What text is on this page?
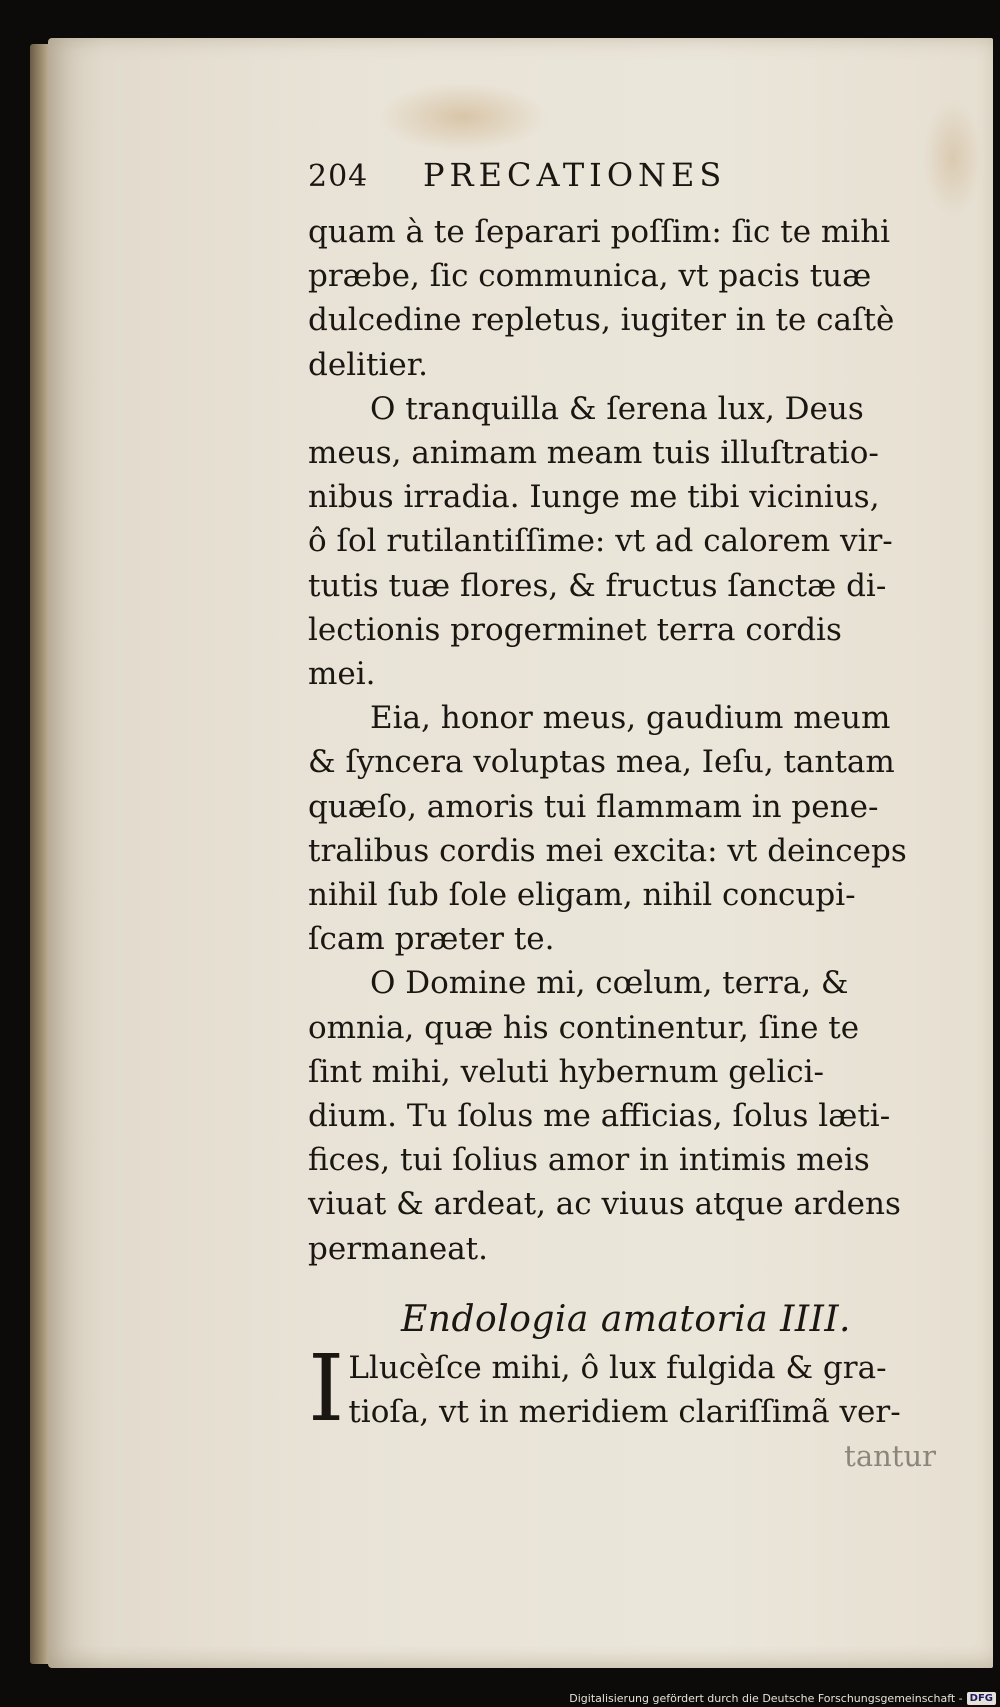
204	PRECATIONES

quam à te ſeparari poſſim: ſic te mihi
præbe, ſic communica, vt pacis tuæ
dulcedine repletus, iugiter in te caſtè
delitier.

O tranquilla & ſerena lux, Deus
meus, animam meam tuis illuſtratio-
nibus irradia. Iunge me tibi vicinius,
ô ſol rutilantiſſime: vt ad calorem vir-
tutis tuæ flores, & fructus ſanctæ di-
lectionis progerminet terra cordis
mei.

Eia, honor meus, gaudium meum
& ſyncera voluptas mea, Ieſu, tantam
quæſo, amoris tui flammam in pene-
tralibus cordis mei excita: vt deinceps
nihil ſub ſole eligam, nihil concupi-
ſcam præter te.

O Domine mi, cœlum, terra, &
omnia, quæ his continentur, ſine te
ſint mihi, veluti hybernum gelici-
dium. Tu ſolus me afficias, ſolus læti-
fices, tui ſolius amor in intimis meis
viuat & ardeat, ac viuus atque ardens
permaneat.

Endologia amatoria IIII.
I Llucèſce mihi, ô lux fulgida & gra-
tioſa, vt in meridiem clariſſimã ver-
tantur
Digitalisierung gefördert durch die Deutsche Forschungsgemeinschaft - DFG
